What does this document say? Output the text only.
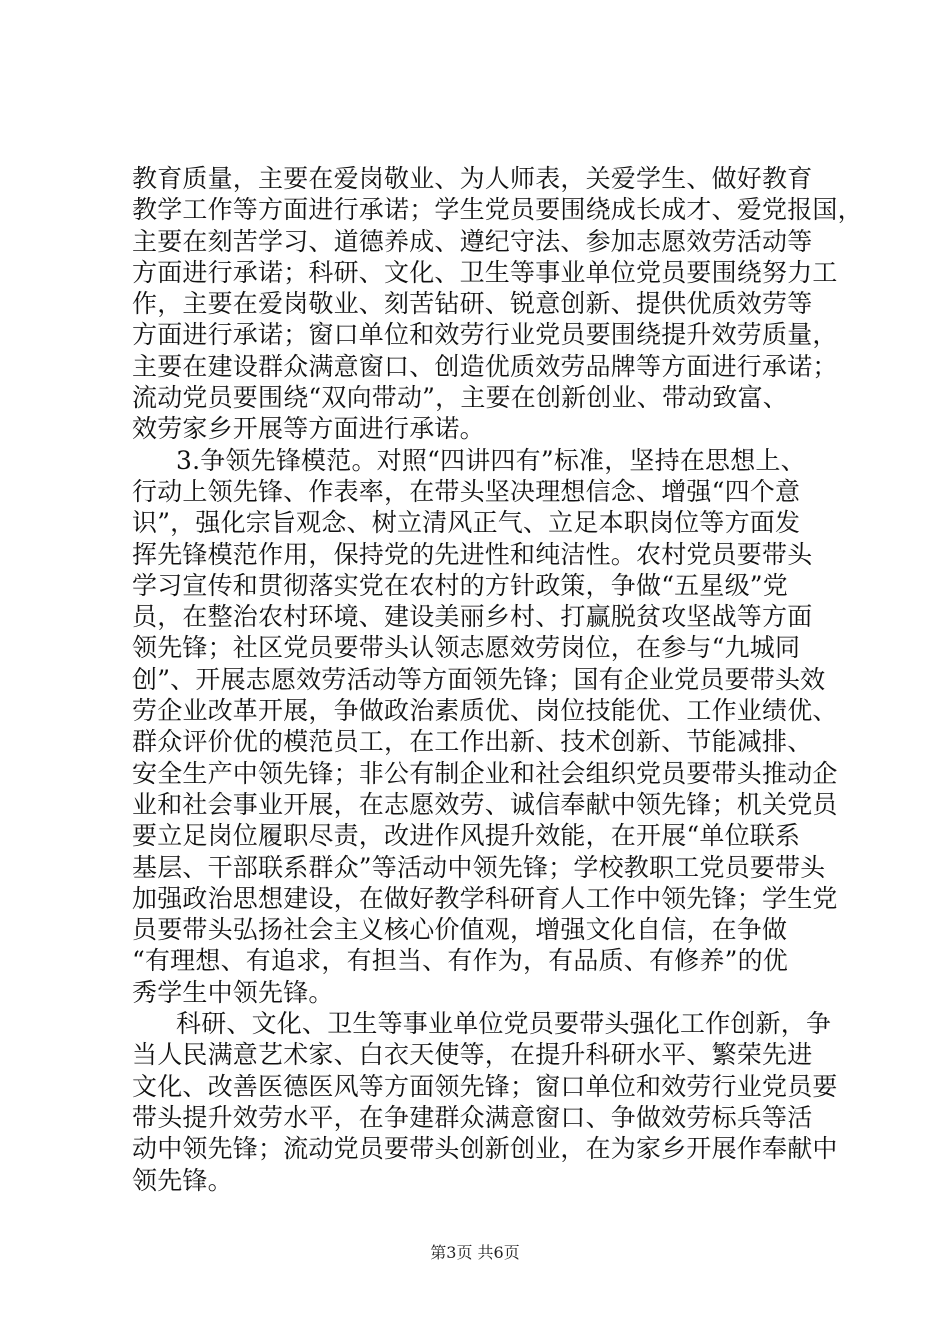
教育质量，主要在爱岗敬业、为人师表，关爱学生、做好教育
教学工作等方面进行承诺；学生党员要围绕成长成才、爱党报国，
主要在刻苦学习、道德养成、遵纪守法、参加志愿效劳活动等
方面进行承诺；科研、文化、卫生等事业单位党员要围绕努力工
作，主要在爱岗敬业、刻苦钻研、锐意创新、提供优质效劳等
方面进行承诺；窗口单位和效劳行业党员要围绕提升效劳质量，
主要在建设群众满意窗口、创造优质效劳品牌等方面进行承诺；
流动党员要围绕“双向带动”，主要在创新创业、带动致富、
效劳家乡开展等方面进行承诺。
3.争领先锋模范。对照“四讲四有”标准，坚持在思想上、
行动上领先锋、作表率，在带头坚决理想信念、增强“四个意
识”，强化宗旨观念、树立清风正气、立足本职岗位等方面发
挥先锋模范作用，保持党的先进性和纯洁性。农村党员要带头
学习宣传和贯彻落实党在农村的方针政策，争做“五星级”党
员，在整治农村环境、建设美丽乡村、打赢脱贫攻坚战等方面
领先锋；社区党员要带头认领志愿效劳岗位，在参与“九城同
创”、开展志愿效劳活动等方面领先锋；国有企业党员要带头效
劳企业改革开展，争做政治素质优、岗位技能优、工作业绩优、
群众评价优的模范员工，在工作出新、技术创新、节能减排、
安全生产中领先锋；非公有制企业和社会组织党员要带头推动企
业和社会事业开展，在志愿效劳、诚信奉献中领先锋；机关党员
要立足岗位履职尽责，改进作风提升效能，在开展“单位联系
基层、干部联系群众”等活动中领先锋；学校教职工党员要带头
加强政治思想建设，在做好教学科研育人工作中领先锋；学生党
员要带头弘扬社会主义核心价值观，增强文化自信，在争做
“有理想、有追求，有担当、有作为，有品质、有修养”的优
秀学生中领先锋。
科研、文化、卫生等事业单位党员要带头强化工作创新，争
当人民满意艺术家、白衣天使等，在提升科研水平、繁荣先进
文化、改善医德医风等方面领先锋；窗口单位和效劳行业党员要
带头提升效劳水平，在争建群众满意窗口、争做效劳标兵等活
动中领先锋；流动党员要带头创新创业，在为家乡开展作奉献中
领先锋。
第3页 共6页
